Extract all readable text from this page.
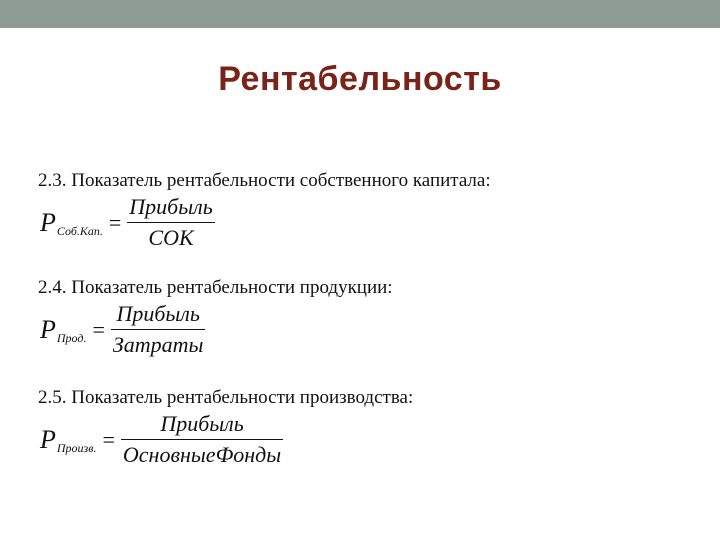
Рентабельность
2.3. Показатель рентабельности собственного капитала:
P Соб.Кап. = $\frac{\text{Прибыль}}{\text{СОК}}$
2.4. Показатель рентабельности продукции:
P Прод. = $\frac{\text{Прибыль}}{\text{Затраты}}$
2.5. Показатель рентабельности производства:
P Произв. = $\frac{\text{Прибыль}}{\text{ОсновныеФонды}}$
